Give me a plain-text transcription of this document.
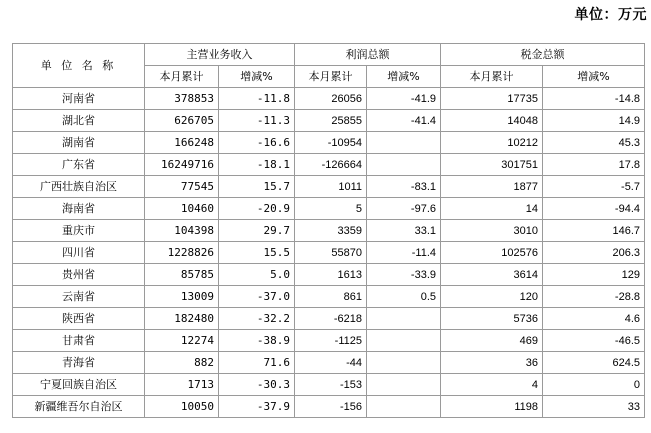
单位：万元
单 位 名 称	主营业务收入		利润总额		税金总额	
	本月累计	增减%	本月累计	增减%	本月累计	增减%
河南省	378853	-11.8	26056	-41.9	17735	-14.8
湖北省	626705	-11.3	25855	-41.4	14048	14.9
湖南省	166248	-16.6	-10954		10212	45.3
广东省	16249716	-18.1	-126664		301751	17.8
广西壮族自治区	77545	15.7	1011	-83.1	1877	-5.7
海南省	10460	-20.9	5	-97.6	14	-94.4
重庆市	104398	29.7	3359	33.1	3010	146.7
四川省	1228826	15.5	55870	-11.4	102576	206.3
贵州省	85785	5.0	1613	-33.9	3614	129
云南省	13009	-37.0	861	0.5	120	-28.8
陕西省	182480	-32.2	-6218		5736	4.6
甘肃省	12274	-38.9	-1125		469	-46.5
青海省	882	71.6	-44		36	624.5
宁夏回族自治区	1713	-30.3	-153		4	0
新疆维吾尔自治区	10050	-37.9	-156		1198	33
